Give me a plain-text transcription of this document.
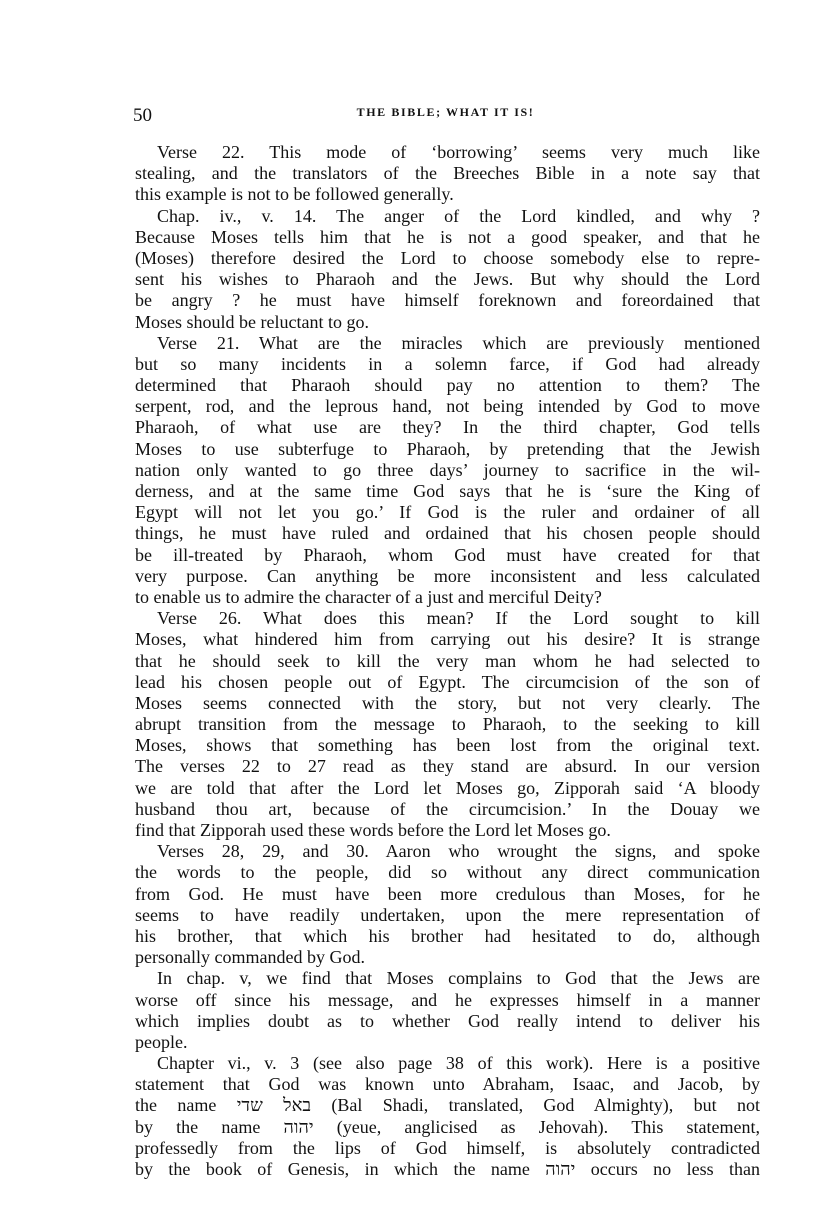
50	THE BIBLE; WHAT IT IS!
Verse 22. This mode of ‘borrowing’ seems very much like
stealing, and the translators of the Breeches Bible in a note say that
this example is not to be followed generally.
Chap. iv., v. 14. The anger of the Lord kindled, and why ?
Because Moses tells him that he is not a good speaker, and that he
(Moses) therefore desired the Lord to choose somebody else to repre-
sent his wishes to Pharaoh and the Jews. But why should the Lord
be angry ? he must have himself foreknown and foreordained that
Moses should be reluctant to go.
Verse 21. What are the miracles which are previously mentioned
but so many incidents in a solemn farce, if God had already
determined that Pharaoh should pay no attention to them? The
serpent, rod, and the leprous hand, not being intended by God to move
Pharaoh, of what use are they? In the third chapter, God tells
Moses to use subterfuge to Pharaoh, by pretending that the Jewish
nation only wanted to go three days’ journey to sacrifice in the wil-
derness, and at the same time God says that he is ‘sure the King of
Egypt will not let you go.’ If God is the ruler and ordainer of all
things, he must have ruled and ordained that his chosen people should
be ill-treated by Pharaoh, whom God must have created for that
very purpose. Can anything be more inconsistent and less calculated
to enable us to admire the character of a just and merciful Deity?
Verse 26. What does this mean? If the Lord sought to kill
Moses, what hindered him from carrying out his desire? It is strange
that he should seek to kill the very man whom he had selected to
lead his chosen people out of Egypt. The circumcision of the son of
Moses seems connected with the story, but not very clearly. The
abrupt transition from the message to Pharaoh, to the seeking to kill
Moses, shows that something has been lost from the original text.
The verses 22 to 27 read as they stand are absurd. In our version
we are told that after the Lord let Moses go, Zipporah said ‘A bloody
husband thou art, because of the circumcision.’ In the Douay we
find that Zipporah used these words before the Lord let Moses go.
Verses 28, 29, and 30. Aaron who wrought the signs, and spoke
the words to the people, did so without any direct communication
from God. He must have been more credulous than Moses, for he
seems to have readily undertaken, upon the mere representation of
his brother, that which his brother had hesitated to do, although
personally commanded by God.
In chap. v, we find that Moses complains to God that the Jews are
worse off since his message, and he expresses himself in a manner
which implies doubt as to whether God really intend to deliver his
people.
Chapter vi., v. 3 (see also page 38 of this work). Here is a positive
statement that God was known unto Abraham, Isaac, and Jacob, by
the name באל שדי (Bal Shadi, translated, God Almighty), but not
by the name יהוה (yeue, anglicised as Jehovah). This statement,
professedly from the lips of God himself, is absolutely contradicted
by the book of Genesis, in which the name יהוה occurs no less than
